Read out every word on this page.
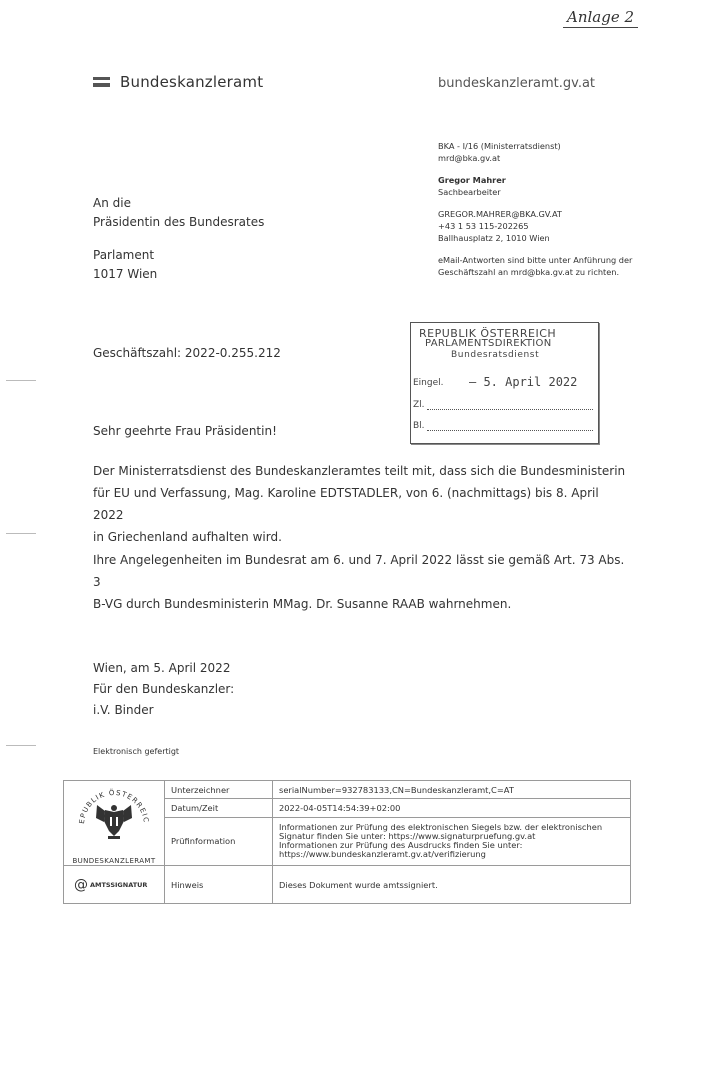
Anlage 2
Bundeskanzleramt	bundeskanzleramt.gv.at
BKA - I/16 (Ministerratsdienst)
mrd@bka.gv.at
Gregor Mahrer
Sachbearbeiter
GREGOR.MAHRER@BKA.GV.AT
+43 1 53 115-202265
Ballhausplatz 2, 1010 Wien
eMail-Antworten sind bitte unter Anführung der
Geschäftszahl an mrd@bka.gv.at zu richten.
An die
Präsidentin des Bundesrates
Parlament
1017 Wien
Geschäftszahl: 2022-0.255.212
REPUBLIK ÖSTERREICH
PARLAMENTSDIREKTION
Bundesratsdienst
Eingel. – 5. April 2022
Zl.
Bl.
Sehr geehrte Frau Präsidentin!
Der Ministerratsdienst des Bundeskanzleramtes teilt mit, dass sich die Bundesministerin
für EU und Verfassung, Mag. Karoline EDTSTADLER, von 6. (nachmittags) bis 8. April 2022
in Griechenland aufhalten wird.
Ihre Angelegenheiten im Bundesrat am 6. und 7. April 2022 lässt sie gemäß Art. 73 Abs. 3
B-VG durch Bundesministerin MMag. Dr. Susanne RAAB wahrnehmen.
Wien, am 5. April 2022
Für den Bundeskanzler:
i.V. Binder
Elektronisch gefertigt
EPUBLIK ÖSTERREIC
BUNDESKANZLERAMT	Unterzeichner	serialNumber=932783133,CN=Bundeskanzleramt,C=AT
	Datum/Zeit	2022-04-05T14:54:39+02:00
	Prüfinformation	Informationen zur Prüfung des elektronischen Siegels bzw. der elektronischen
Signatur finden Sie unter: https://www.signaturpruefung.gv.at
Informationen zur Prüfung des Ausdrucks finden Sie unter:
https://www.bundeskanzleramt.gv.at/verifizierung

@ AMTSSIGNATUR	Hinweis	Dieses Dokument wurde amtssigniert.
